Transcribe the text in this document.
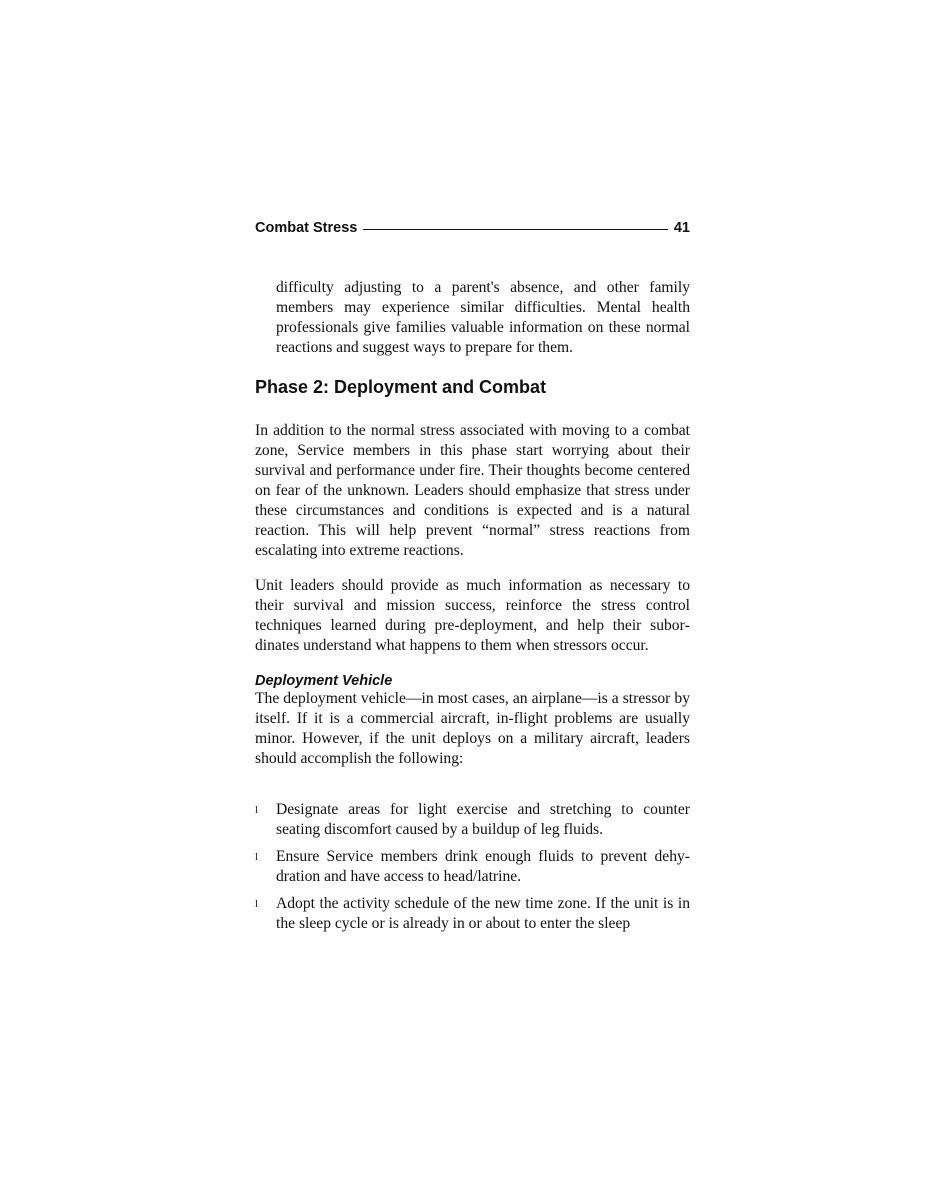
Combat Stress	41

difficulty adjusting to a parent's absence, and other family members may experience similar difficulties. Mental health professionals give families valuable information on these normal reactions and suggest ways to prepare for them.

Phase 2: Deployment and Combat

In addition to the normal stress associated with moving to a combat zone, Service members in this phase start worrying about their survival and performance under fire. Their thoughts become centered on fear of the unknown. Leaders should emphasize that stress under these circumstances and conditions is expected and is a natural reaction. This will help prevent “normal” stress reactions from escalating into extreme reactions.

Unit leaders should provide as much information as necessary to their survival and mission success, reinforce the stress control techniques learned during pre-deployment, and help their subordinates understand what happens to them when stressors occur.

Deployment Vehicle

The deployment vehicle—in most cases, an airplane—is a stressor by itself. If it is a commercial aircraft, in-flight problems are usually minor. However, if the unit deploys on a military aircraft, leaders should accomplish the following:

l	Designate areas for light exercise and stretching to counter seating discomfort caused by a buildup of leg fluids.
l	Ensure Service members drink enough fluids to prevent dehydration and have access to head/latrine.
l	Adopt the activity schedule of the new time zone. If the unit is in the sleep cycle or is already in or about to enter the sleep
